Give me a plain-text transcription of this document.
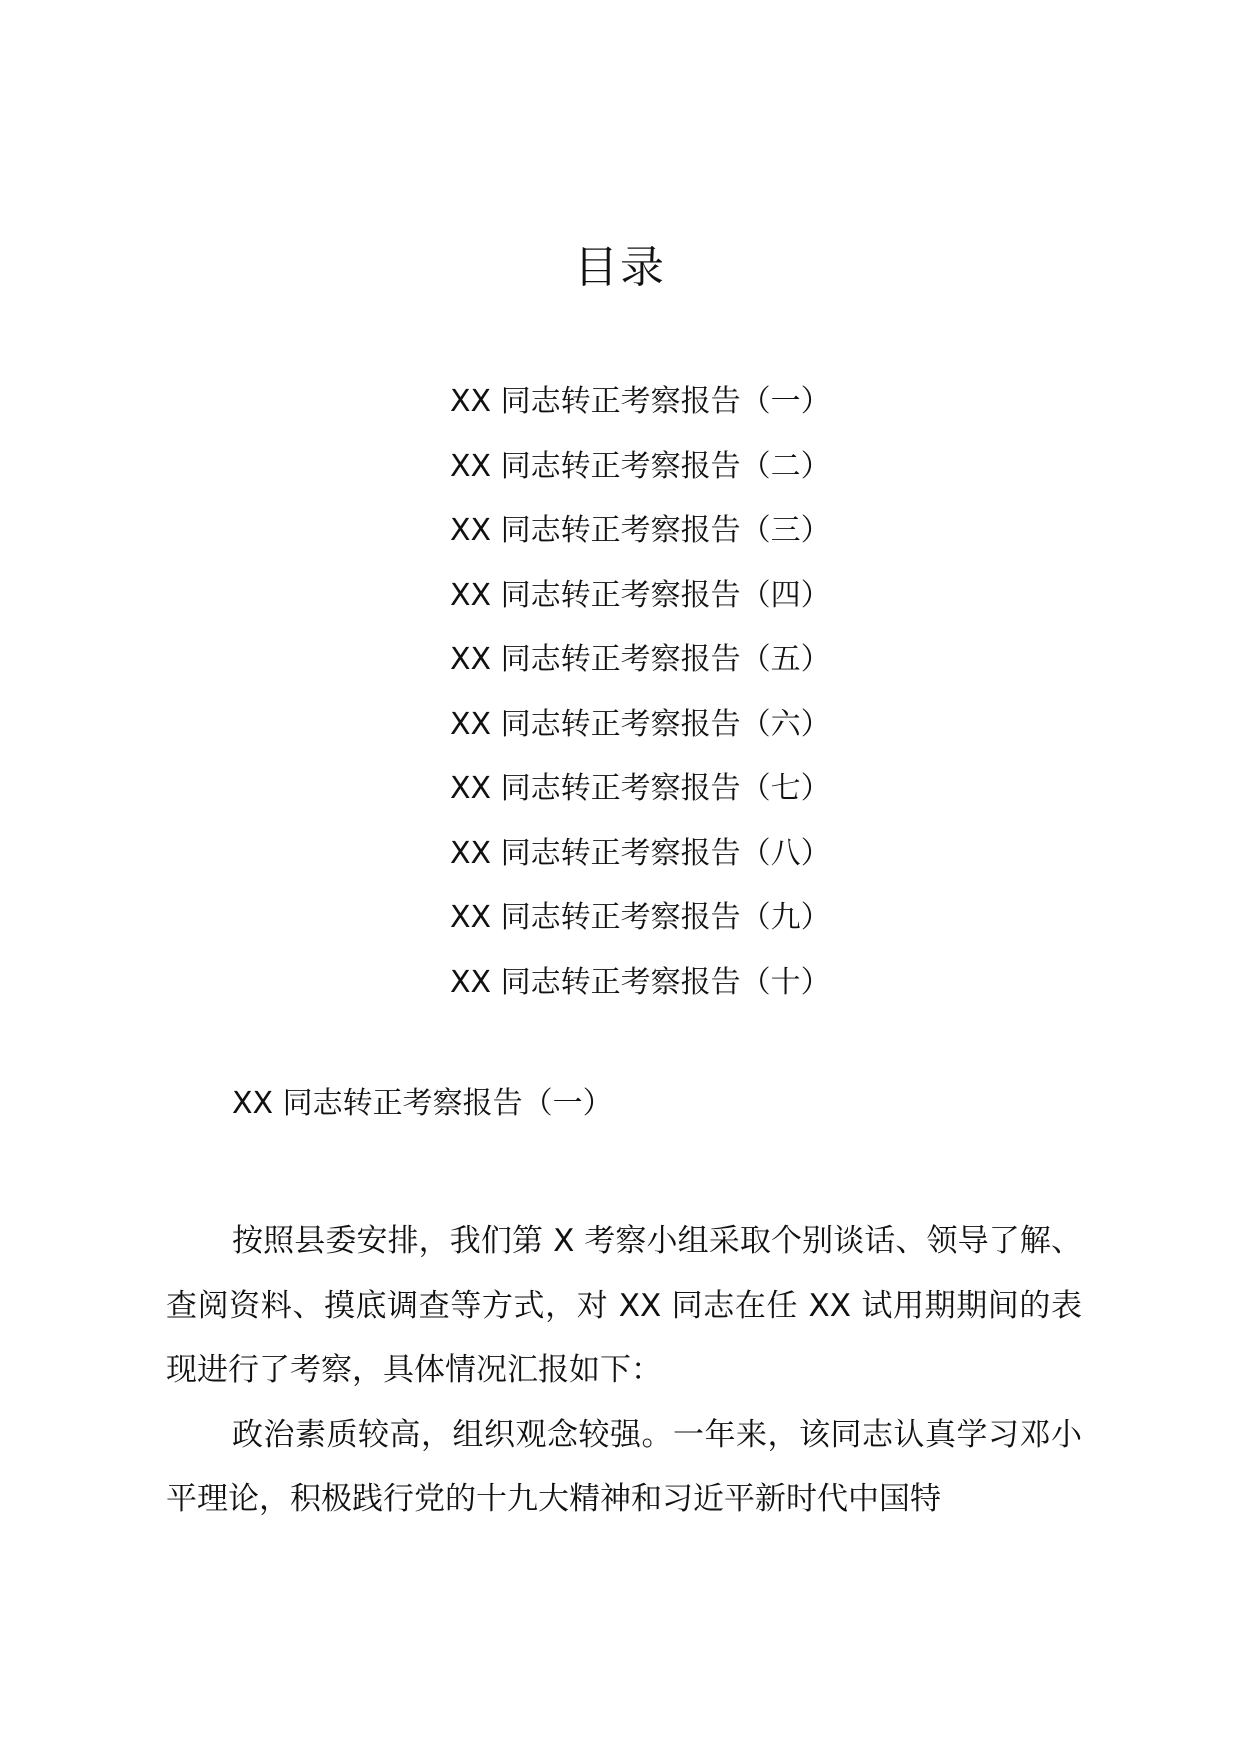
目录
XX 同志转正考察报告（一）
XX 同志转正考察报告（二）
XX 同志转正考察报告（三）
XX 同志转正考察报告（四）
XX 同志转正考察报告（五）
XX 同志转正考察报告（六）
XX 同志转正考察报告（七）
XX 同志转正考察报告（八）
XX 同志转正考察报告（九）
XX 同志转正考察报告（十）
XX 同志转正考察报告（一）

按照县委安排，我们第 X 考察小组采取个别谈话、领导了解、查阅资料、摸底调查等方式，对 XX 同志在任 XX 试用期期间的表现进行了考察，具体情况汇报如下：

政治素质较高，组织观念较强。一年来，该同志认真学习邓小平理论，积极践行党的十九大精神和习近平新时代中国特
